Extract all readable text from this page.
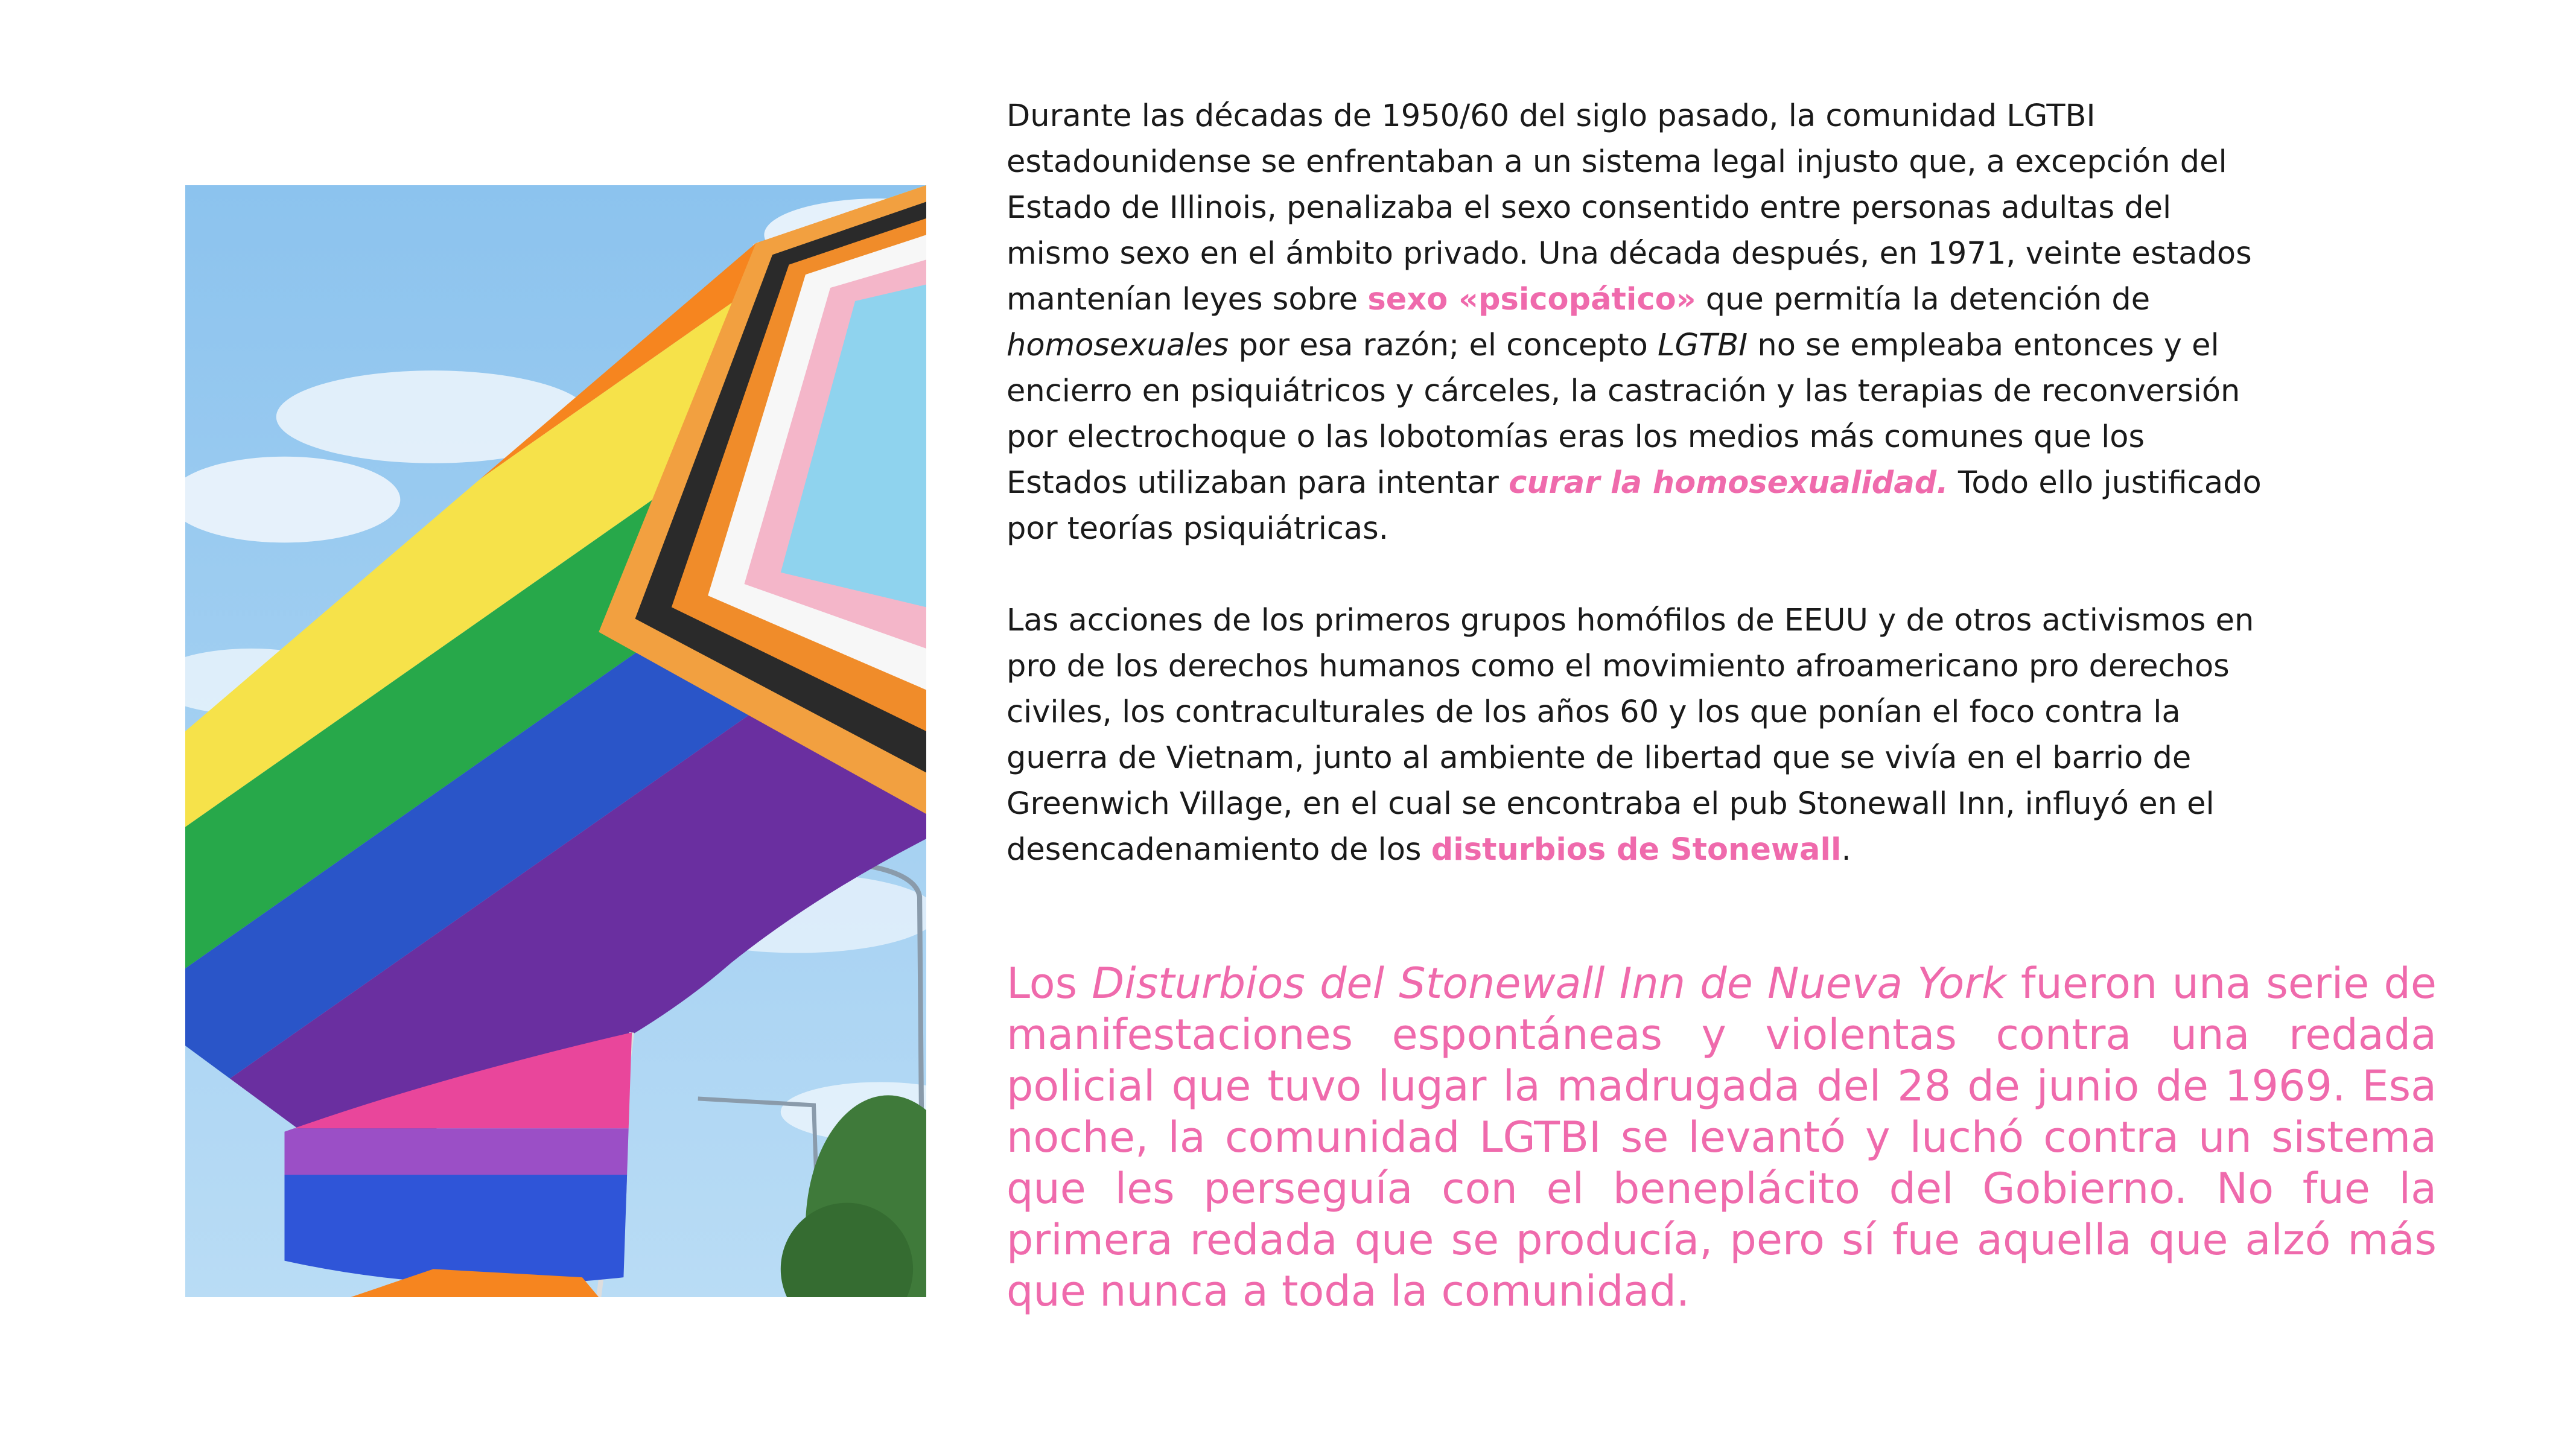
Durante las décadas de 1950/60 del siglo pasado, la comunidad LGTBI estadounidense se enfrentaban a un sistema legal injusto que, a excepción del Estado de Illinois, penalizaba el sexo consentido entre personas adultas del mismo sexo en el ámbito privado. Una década después, en 1971, veinte estados mantenían leyes sobre sexo «psicopático» que permitía la detención de homosexuales por esa razón; el concepto LGTBI no se empleaba entonces y el encierro en psiquiátricos y cárceles, la castración y las terapias de reconversión por electrochoque o las lobotomías eras los medios más comunes que los Estados utilizaban para intentar curar la homosexualidad. Todo ello justificado por teorías psiquiátricas.

Las acciones de los primeros grupos homófilos de EEUU y de otros activismos en pro de los derechos humanos como el movimiento afroamericano pro derechos civiles, los contraculturales de los años 60 y los que ponían el foco contra la guerra de Vietnam, junto al ambiente de libertad que se vivía en el barrio de Greenwich Village, en el cual se encontraba el pub Stonewall Inn, influyó en el desencadenamiento de los disturbios de Stonewall.

Los Disturbios del Stonewall Inn de Nueva York fueron una serie de manifestaciones espontáneas y violentas contra una redada policial que tuvo lugar la madrugada del 28 de junio de 1969. Esa noche, la comunidad LGTBI se levantó y luchó contra un sistema que les perseguía con el beneplácito del Gobierno. No fue la primera redada que se producía, pero sí fue aquella que alzó más que nunca a toda la comunidad.
